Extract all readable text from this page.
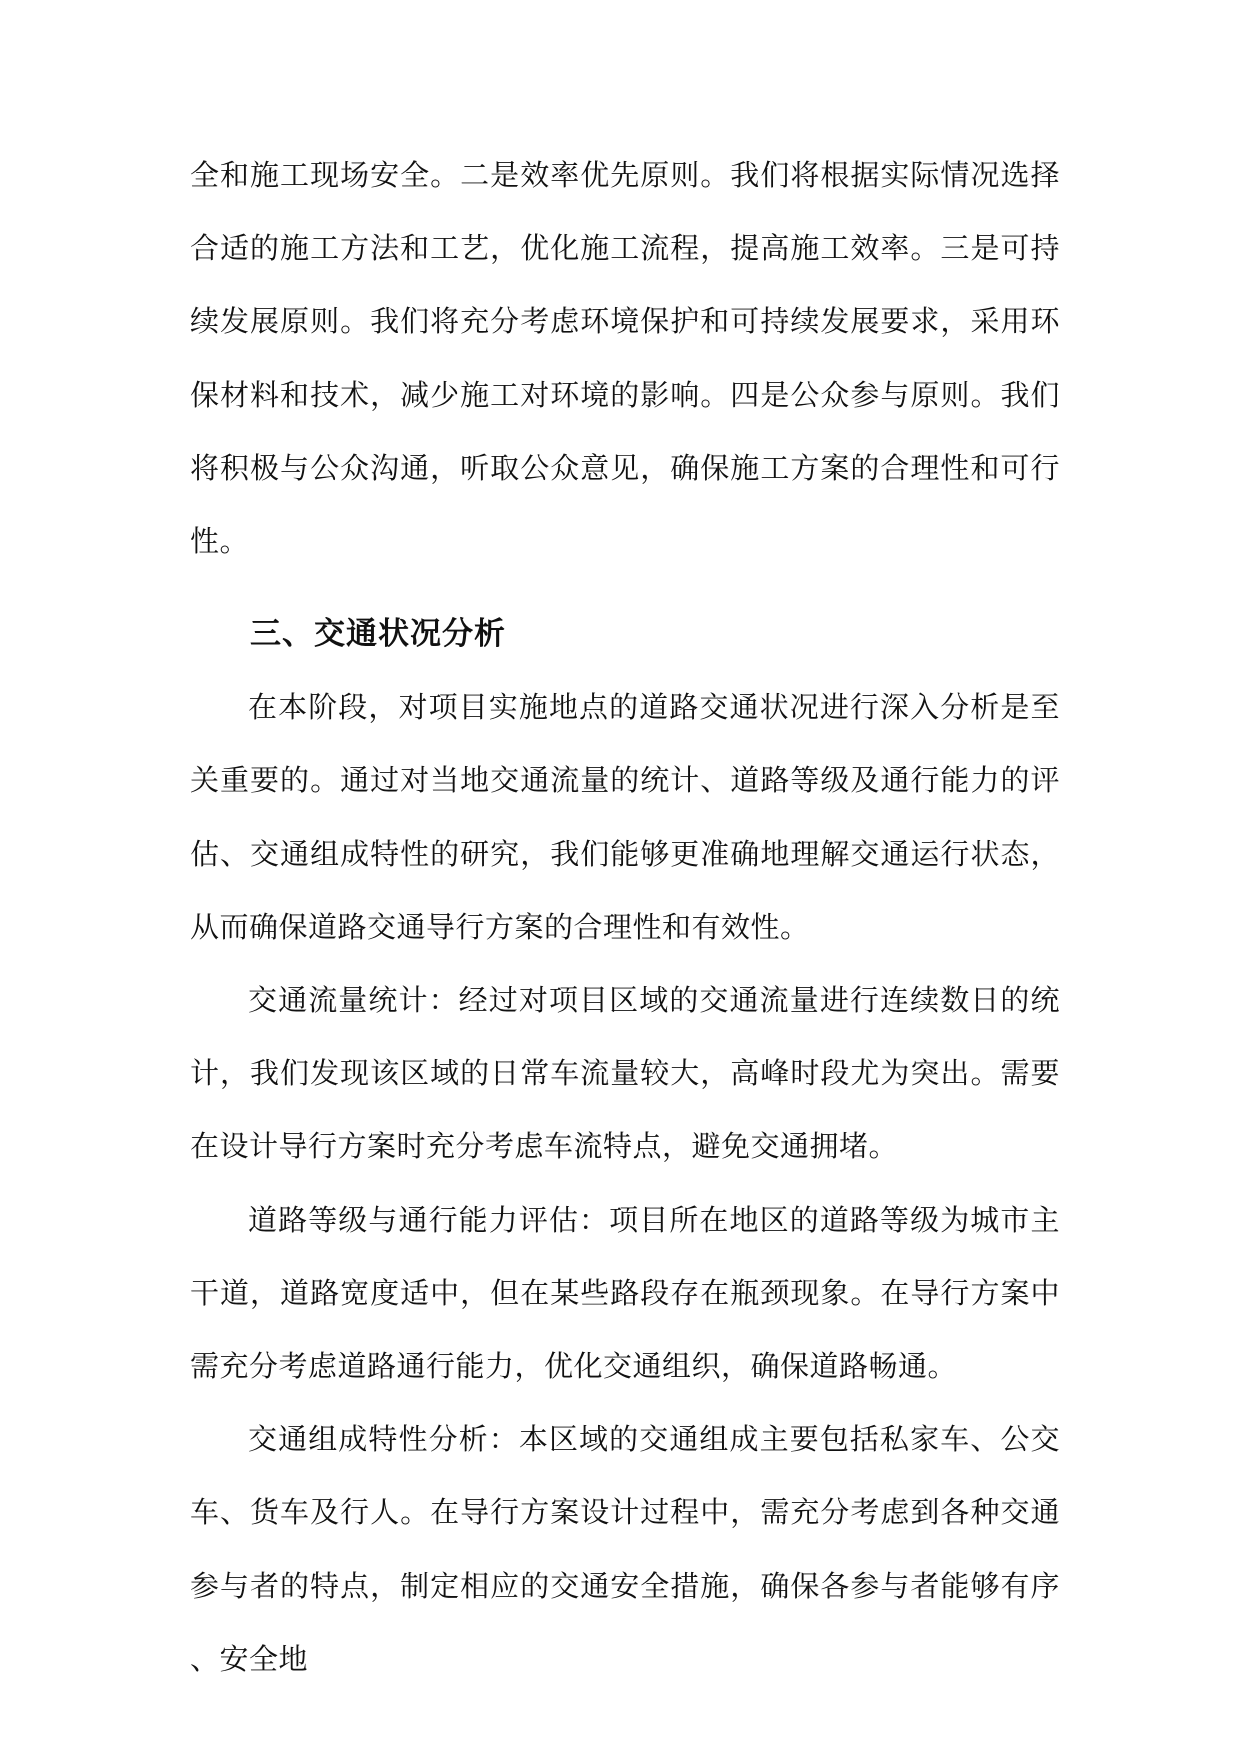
全和施工现场安全。二是效率优先原则。我们将根据实际情况选择合适的施工方法和工艺，优化施工流程，提高施工效率。三是可持续发展原则。我们将充分考虑环境保护和可持续发展要求，采用环保材料和技术，减少施工对环境的影响。四是公众参与原则。我们将积极与公众沟通，听取公众意见，确保施工方案的合理性和可行性。

三、交通状况分析

在本阶段，对项目实施地点的道路交通状况进行深入分析是至关重要的。通过对当地交通流量的统计、道路等级及通行能力的评估、交通组成特性的研究，我们能够更准确地理解交通运行状态，从而确保道路交通导行方案的合理性和有效性。

交通流量统计：经过对项目区域的交通流量进行连续数日的统计，我们发现该区域的日常车流量较大，高峰时段尤为突出。需要在设计导行方案时充分考虑车流特点，避免交通拥堵。

道路等级与通行能力评估：项目所在地区的道路等级为城市主干道，道路宽度适中，但在某些路段存在瓶颈现象。在导行方案中需充分考虑道路通行能力，优化交通组织，确保道路畅通。

交通组成特性分析：本区域的交通组成主要包括私家车、公交车、货车及行人。在导行方案设计过程中，需充分考虑到各种交通参与者的特点，制定相应的交通安全措施，确保各参与者能够有序、安全地
